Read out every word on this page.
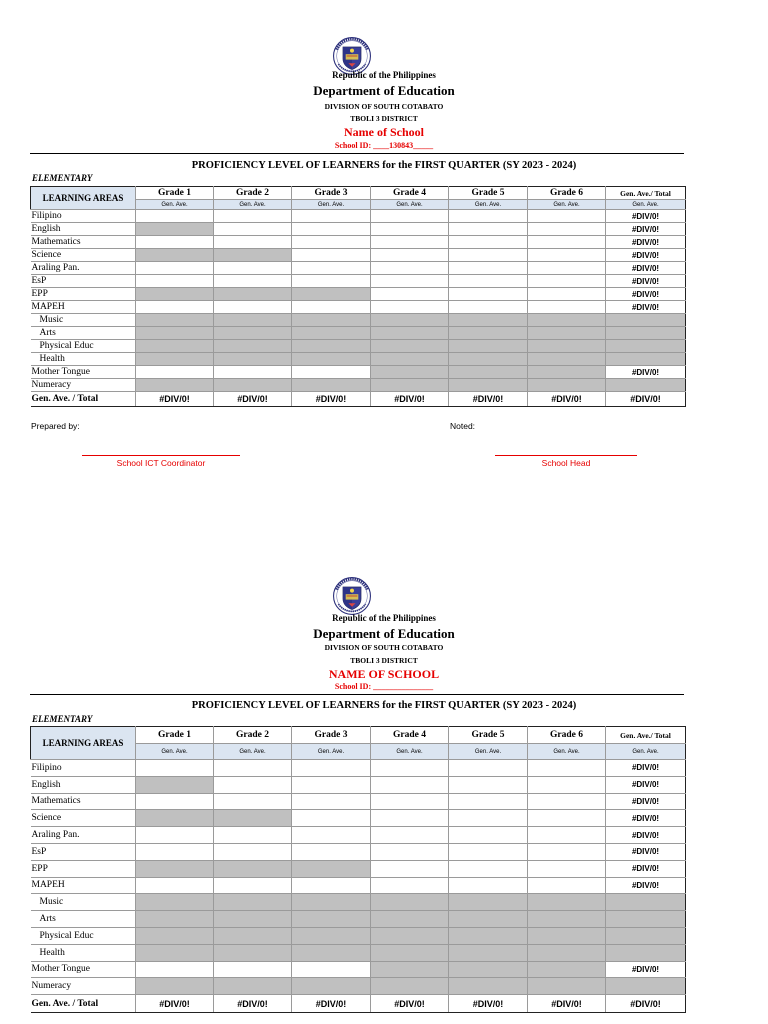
Republic of the Philippines
Department of Education
DIVISION OF SOUTH COTABATO
TBOLI 3 DISTRICT
Name of School
School ID: ____130843_____
PROFICIENCY LEVEL OF LEARNERS for the FIRST QUARTER (SY 2023 - 2024)
ELEMENTARY
LEARNING AREAS	Grade 1	Grade 2	Grade 3	Grade 4	Grade 5	Grade 6	Gen. Ave./ Total
	Gen. Ave.	Gen. Ave.	Gen. Ave.	Gen. Ave.	Gen. Ave.	Gen. Ave.	Gen. Ave.
Filipino							#DIV/0!
English							#DIV/0!
Mathematics							#DIV/0!
Science							#DIV/0!
Araling Pan.							#DIV/0!
EsP							#DIV/0!
EPP							#DIV/0!
MAPEH							#DIV/0!
Music							
Arts							
Physical Educ							
Health							
Mother Tongue							#DIV/0!
Numeracy							
Gen. Ave. / Total	#DIV/0!	#DIV/0!	#DIV/0!	#DIV/0!	#DIV/0!	#DIV/0!	#DIV/0!
Prepared by:	Noted:
School ICT Coordinator	School Head
Republic of the Philippines
Department of Education
DIVISION OF SOUTH COTABATO
TBOLI 3 DISTRICT
NAME OF SCHOOL
School ID: _______________
PROFICIENCY LEVEL OF LEARNERS for the FIRST QUARTER (SY 2023 - 2024)
ELEMENTARY
LEARNING AREAS	Grade 1	Grade 2	Grade 3	Grade 4	Grade 5	Grade 6	Gen. Ave./ Total
	Gen. Ave.	Gen. Ave.	Gen. Ave.	Gen. Ave.	Gen. Ave.	Gen. Ave.	Gen. Ave.
Filipino							#DIV/0!
English							#DIV/0!
Mathematics							#DIV/0!
Science							#DIV/0!
Araling Pan.							#DIV/0!
EsP							#DIV/0!
EPP							#DIV/0!
MAPEH							#DIV/0!
Music							
Arts							
Physical Educ							
Health							
Mother Tongue							#DIV/0!
Numeracy							
Gen. Ave. / Total	#DIV/0!	#DIV/0!	#DIV/0!	#DIV/0!	#DIV/0!	#DIV/0!	#DIV/0!
